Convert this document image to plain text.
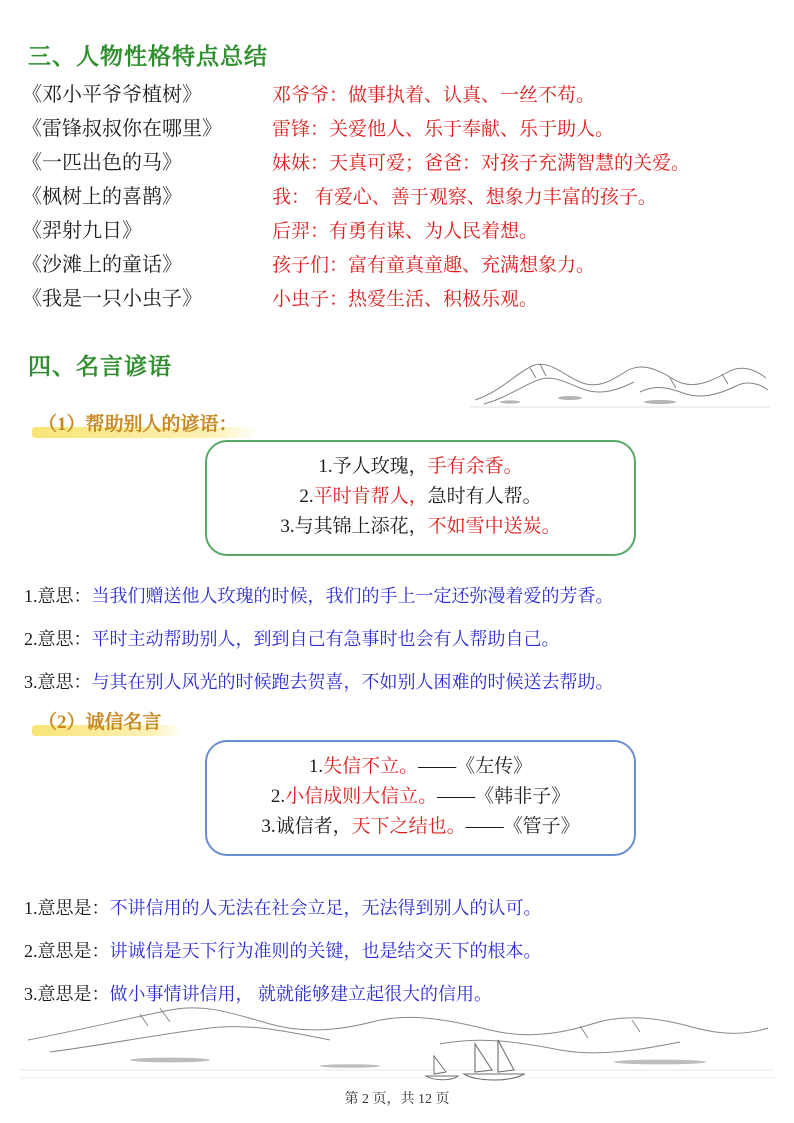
三、人物性格特点总结
《邓小平爷爷植树》	邓爷爷：做事执着、认真、一丝不苟。
《雷锋叔叔你在哪里》	雷锋：关爱他人、乐于奉献、乐于助人。
《一匹出色的马》	妹妹：天真可爱；爸爸：对孩子充满智慧的关爱。
《枫树上的喜鹊》	我： 有爱心、善于观察、想象力丰富的孩子。
《羿射九日》	后羿：有勇有谋、为人民着想。
《沙滩上的童话》	孩子们：富有童真童趣、充满想象力。
《我是一只小虫子》	小虫子：热爱生活、积极乐观。
四、名言谚语
（1）帮助别人的谚语：
1.予人玫瑰，手有余香。
2.平时肯帮人，急时有人帮。
3.与其锦上添花，不如雪中送炭。
1.意思：当我们赠送他人玫瑰的时候，我们的手上一定还弥漫着爱的芳香。
2.意思：平时主动帮助别人，到到自己有急事时也会有人帮助自己。
3.意思：与其在别人风光的时候跑去贺喜，不如别人困难的时候送去帮助。
（2）诚信名言
1.失信不立。——《左传》
2.小信成则大信立。——《韩非子》
3.诚信者，天下之结也。——《管子》
1.意思是：不讲信用的人无法在社会立足，无法得到别人的认可。
2.意思是：讲诚信是天下行为准则的关键，也是结交天下的根本。
3.意思是：做小事情讲信用， 就就能够建立起很大的信用。
第 2 页，共 12 页
